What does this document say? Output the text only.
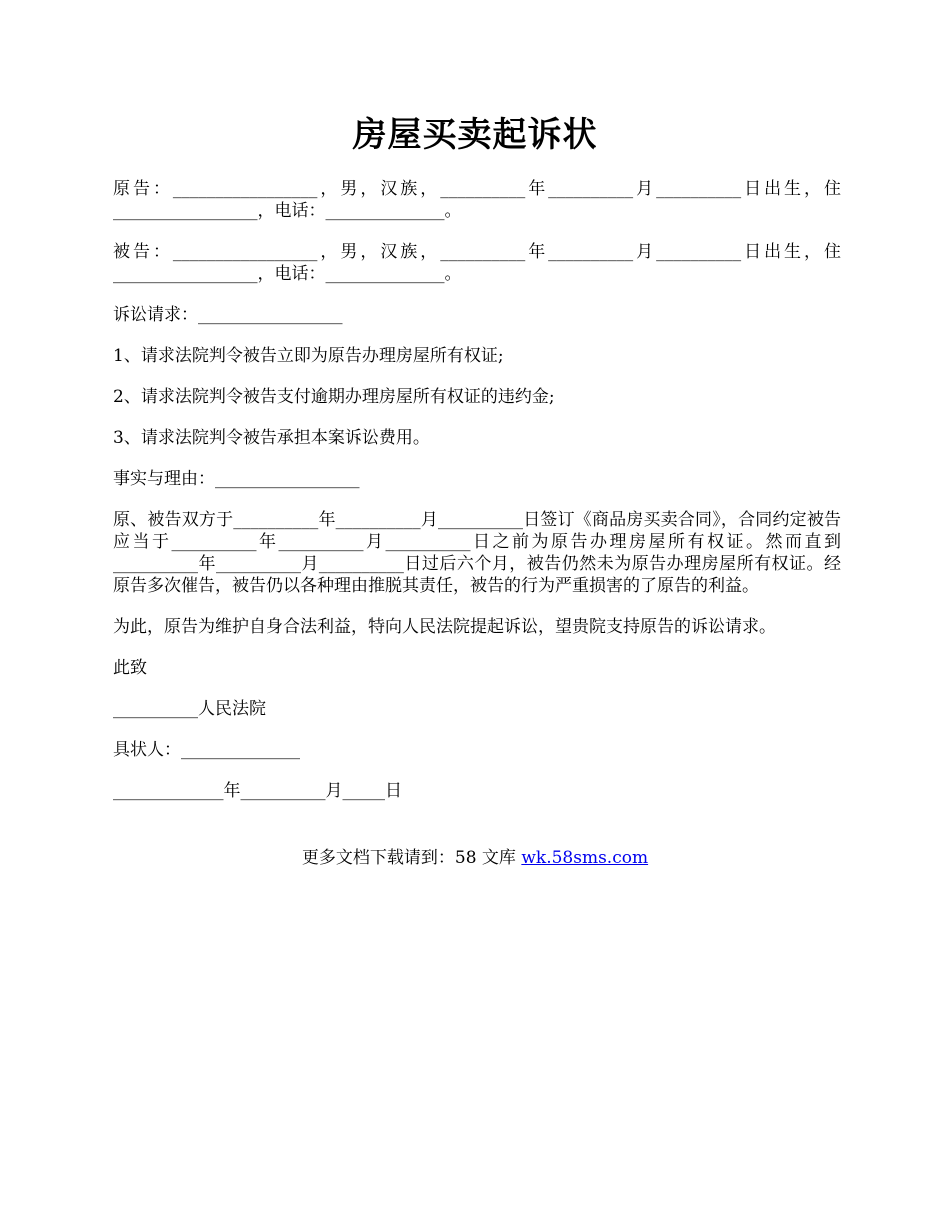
房屋买卖起诉状

原告：_________________，男，汉族，__________年__________月__________日出生，住_________________，电话：______________。

被告：_________________，男，汉族，__________年__________月__________日出生，住_________________，电话：______________。

诉讼请求：_________________

1、请求法院判令被告立即为原告办理房屋所有权证;

2、请求法院判令被告支付逾期办理房屋所有权证的违约金;

3、请求法院判令被告承担本案诉讼费用。

事实与理由：_________________

原、被告双方于__________年__________月__________日签订《商品房买卖合同》，合同约定被告应当于__________年__________月__________日之前为原告办理房屋所有权证。然而直到__________年__________月__________日过后六个月，被告仍然未为原告办理房屋所有权证。经原告多次催告，被告仍以各种理由推脱其责任，被告的行为严重损害的了原告的利益。

为此，原告为维护自身合法利益，特向人民法院提起诉讼，望贵院支持原告的诉讼请求。

此致

__________人民法院

具状人：______________

_____________年__________月_____日

更多文档下载请到：58 文库 wk.58sms.com
